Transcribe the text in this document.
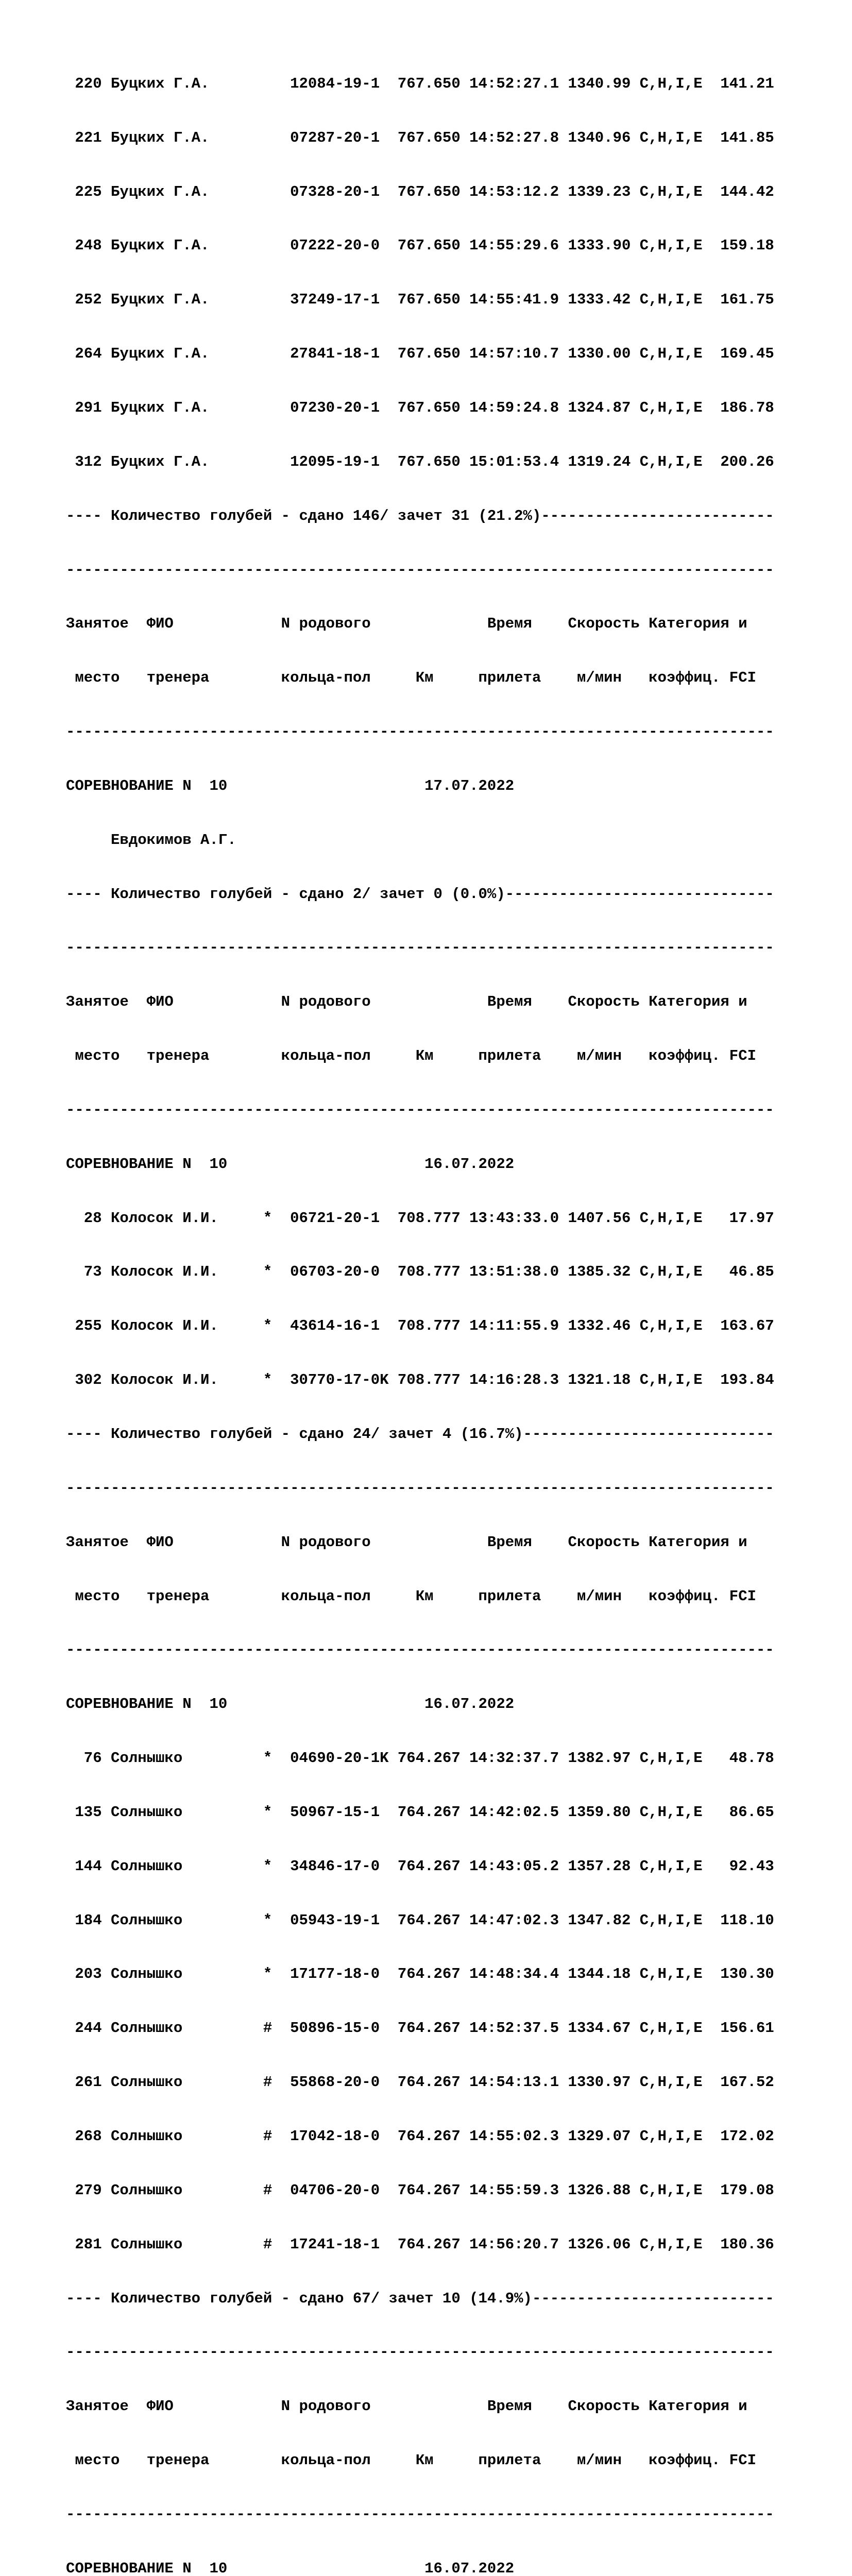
220 Буцких Г.А.         12084-19-1  767.650 14:52:27.1 1340.99 C,H,I,E  141.21

221 Буцких Г.А.         07287-20-1  767.650 14:52:27.8 1340.96 C,H,I,E  141.85

225 Буцких Г.А.         07328-20-1  767.650 14:53:12.2 1339.23 C,H,I,E  144.42

248 Буцких Г.А.         07222-20-0  767.650 14:55:29.6 1333.90 C,H,I,E  159.18

252 Буцких Г.А.         37249-17-1  767.650 14:55:41.9 1333.42 C,H,I,E  161.75

264 Буцких Г.А.         27841-18-1  767.650 14:57:10.7 1330.00 C,H,I,E  169.45

291 Буцких Г.А.         07230-20-1  767.650 14:59:24.8 1324.87 C,H,I,E  186.78

312 Буцких Г.А.         12095-19-1  767.650 15:01:53.4 1319.24 C,H,I,E  200.26

---- Количество голубей - сдано 146/ зачет 31 (21.2%)--------------------------

-------------------------------------------------------------------------------

Занятое  ФИО            N родового             Время    Скорость Категория и

место   тренера        кольца-пол     Км     прилета    м/мин   коэффиц. FCI

-------------------------------------------------------------------------------

СОРЕВНОВАНИЕ N  10                      17.07.2022

Евдокимов А.Г.

---- Количество голубей - сдано 2/ зачет 0 (0.0%)------------------------------

-------------------------------------------------------------------------------

Занятое  ФИО            N родового             Время    Скорость Категория и

место   тренера        кольца-пол     Км     прилета    м/мин   коэффиц. FCI

-------------------------------------------------------------------------------

СОРЕВНОВАНИЕ N  10                      16.07.2022

28 Колосок И.И.     *  06721-20-1  708.777 13:43:33.0 1407.56 C,H,I,E   17.97

73 Колосок И.И.     *  06703-20-0  708.777 13:51:38.0 1385.32 C,H,I,E   46.85

255 Колосок И.И.     *  43614-16-1  708.777 14:11:55.9 1332.46 C,H,I,E  163.67

302 Колосок И.И.     *  30770-17-0K 708.777 14:16:28.3 1321.18 C,H,I,E  193.84

---- Количество голубей - сдано 24/ зачет 4 (16.7%)----------------------------

-------------------------------------------------------------------------------

Занятое  ФИО            N родового             Время    Скорость Категория и

место   тренера        кольца-пол     Км     прилета    м/мин   коэффиц. FCI

-------------------------------------------------------------------------------

СОРЕВНОВАНИЕ N  10                      16.07.2022

76 Солнышко         *  04690-20-1K 764.267 14:32:37.7 1382.97 C,H,I,E   48.78

135 Солнышко         *  50967-15-1  764.267 14:42:02.5 1359.80 C,H,I,E   86.65

144 Солнышко         *  34846-17-0  764.267 14:43:05.2 1357.28 C,H,I,E   92.43

184 Солнышко         *  05943-19-1  764.267 14:47:02.3 1347.82 C,H,I,E  118.10

203 Солнышко         *  17177-18-0  764.267 14:48:34.4 1344.18 C,H,I,E  130.30

244 Солнышко         #  50896-15-0  764.267 14:52:37.5 1334.67 C,H,I,E  156.61

261 Солнышко         #  55868-20-0  764.267 14:54:13.1 1330.97 C,H,I,E  167.52

268 Солнышко         #  17042-18-0  764.267 14:55:02.3 1329.07 C,H,I,E  172.02

279 Солнышко         #  04706-20-0  764.267 14:55:59.3 1326.88 C,H,I,E  179.08

281 Солнышко         #  17241-18-1  764.267 14:56:20.7 1326.06 C,H,I,E  180.36

---- Количество голубей - сдано 67/ зачет 10 (14.9%)---------------------------

-------------------------------------------------------------------------------

Занятое  ФИО            N родового             Время    Скорость Категория и

место   тренера        кольца-пол     Км     прилета    м/мин   коэффиц. FCI

-------------------------------------------------------------------------------

СОРЕВНОВАНИЕ N  10                      16.07.2022
